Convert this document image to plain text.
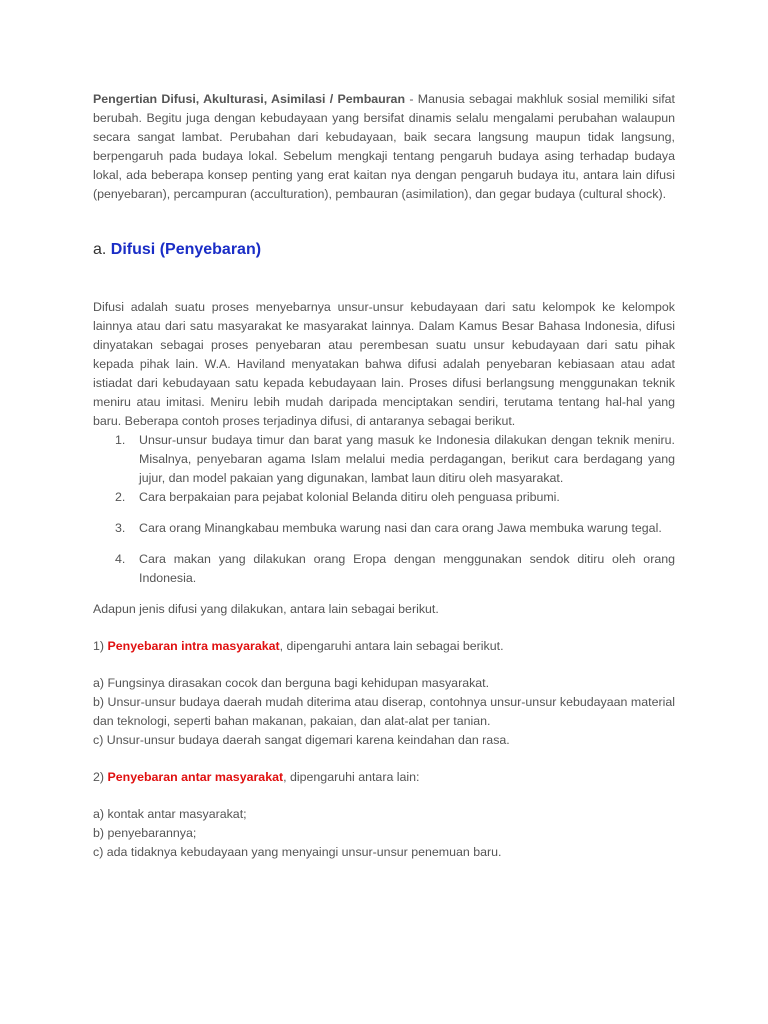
Pengertian Difusi, Akulturasi, Asimilasi / Pembauran - Manusia sebagai makhluk sosial memiliki sifat berubah. Begitu juga dengan kebudayaan yang bersifat dinamis selalu mengalami perubahan walaupun secara sangat lambat. Perubahan dari kebudayaan, baik secara langsung maupun tidak langsung, berpengaruh pada budaya lokal. Sebelum mengkaji tentang pengaruh budaya asing terhadap budaya lokal, ada beberapa konsep penting yang erat kaitan nya dengan pengaruh budaya itu, antara lain difusi (penyebaran), percampuran (acculturation), pembauran (asimilation), dan gegar budaya (cultural shock).

a. Difusi (Penyebaran)

Difusi adalah suatu proses menyebarnya unsur-unsur kebudayaan dari satu kelompok ke kelompok lainnya atau dari satu masyarakat ke masyarakat lainnya. Dalam Kamus Besar Bahasa Indonesia, difusi dinyatakan sebagai proses penyebaran atau perembesan suatu unsur kebudayaan dari satu pihak kepada pihak lain. W.A. Haviland menyatakan bahwa difusi adalah penyebaran kebiasaan atau adat istiadat dari kebudayaan satu kepada kebudayaan lain. Proses difusi berlangsung menggunakan teknik meniru atau imitasi. Meniru lebih mudah daripada menciptakan sendiri, terutama tentang hal-hal yang baru. Beberapa contoh proses terjadinya difusi, di antaranya sebagai berikut.

1. Unsur-unsur budaya timur dan barat yang masuk ke Indonesia dilakukan dengan teknik meniru. Misalnya, penyebaran agama Islam melalui media perdagangan, berikut cara berdagang yang jujur, dan model pakaian yang digunakan, lambat laun ditiru oleh masyarakat.
2. Cara berpakaian para pejabat kolonial Belanda ditiru oleh penguasa pribumi.
3. Cara orang Minangkabau membuka warung nasi dan cara orang Jawa membuka warung tegal.
4. Cara makan yang dilakukan orang Eropa dengan menggunakan sendok ditiru oleh orang Indonesia.

Adapun jenis difusi yang dilakukan, antara lain sebagai berikut.

1) Penyebaran intra masyarakat, dipengaruhi antara lain sebagai berikut.

a) Fungsinya dirasakan cocok dan berguna bagi kehidupan masyarakat.

b) Unsur-unsur budaya daerah mudah diterima atau diserap, contohnya unsur-unsur kebudayaan material dan teknologi, seperti bahan makanan, pakaian, dan alat-alat per tanian.

c) Unsur-unsur budaya daerah sangat digemari karena keindahan dan rasa.

2) Penyebaran antar masyarakat, dipengaruhi antara lain:

a) kontak antar masyarakat;

b) penyebarannya;

c) ada tidaknya kebudayaan yang menyaingi unsur-unsur penemuan baru.
